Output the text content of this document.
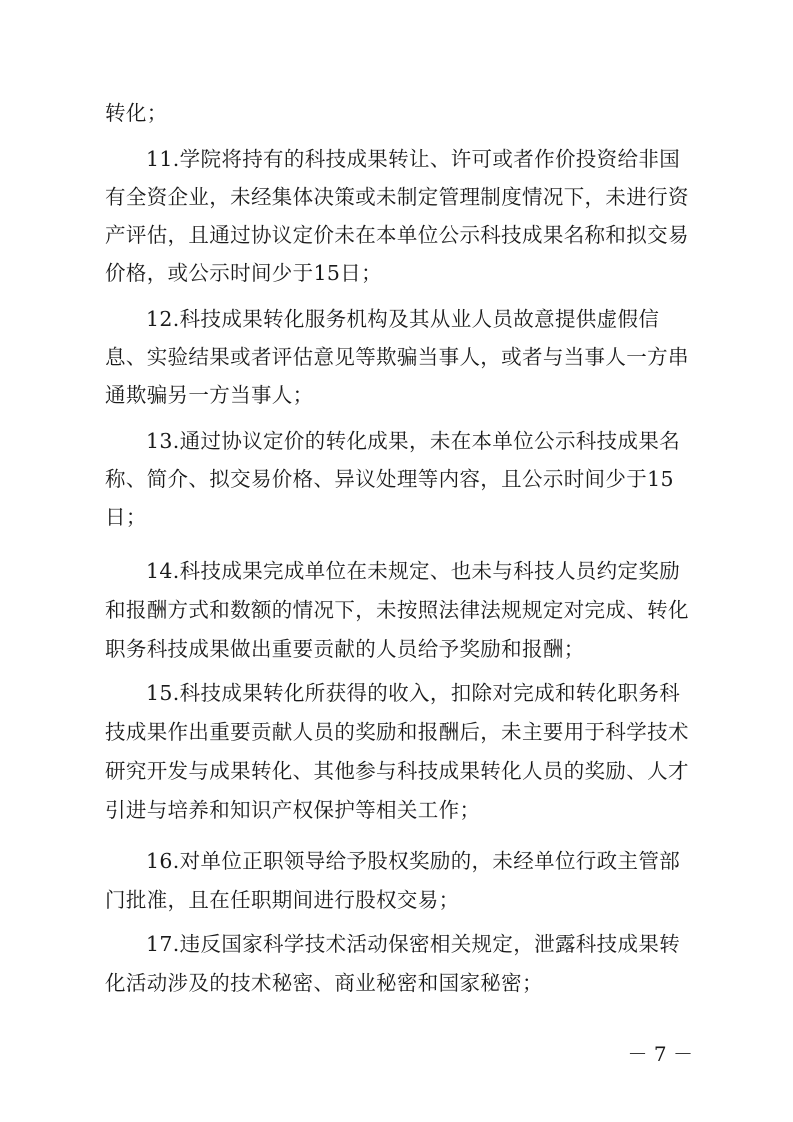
转化；
11.学院将持有的科技成果转让、许可或者作价投资给非国
有全资企业，未经集体决策或未制定管理制度情况下，未进行资
产评估，且通过协议定价未在本单位公示科技成果名称和拟交易
价格，或公示时间少于15日；
12.科技成果转化服务机构及其从业人员故意提供虚假信
息、实验结果或者评估意见等欺骗当事人，或者与当事人一方串
通欺骗另一方当事人；
13.通过协议定价的转化成果，未在本单位公示科技成果名
称、简介、拟交易价格、异议处理等内容，且公示时间少于15
日；
14.科技成果完成单位在未规定、也未与科技人员约定奖励
和报酬方式和数额的情况下，未按照法律法规规定对完成、转化
职务科技成果做出重要贡献的人员给予奖励和报酬；
15.科技成果转化所获得的收入，扣除对完成和转化职务科
技成果作出重要贡献人员的奖励和报酬后，未主要用于科学技术
研究开发与成果转化、其他参与科技成果转化人员的奖励、人才
引进与培养和知识产权保护等相关工作；
16.对单位正职领导给予股权奖励的，未经单位行政主管部
门批准，且在任职期间进行股权交易；
17.违反国家科学技术活动保密相关规定，泄露科技成果转
化活动涉及的技术秘密、商业秘密和国家秘密；
－ 7 －
